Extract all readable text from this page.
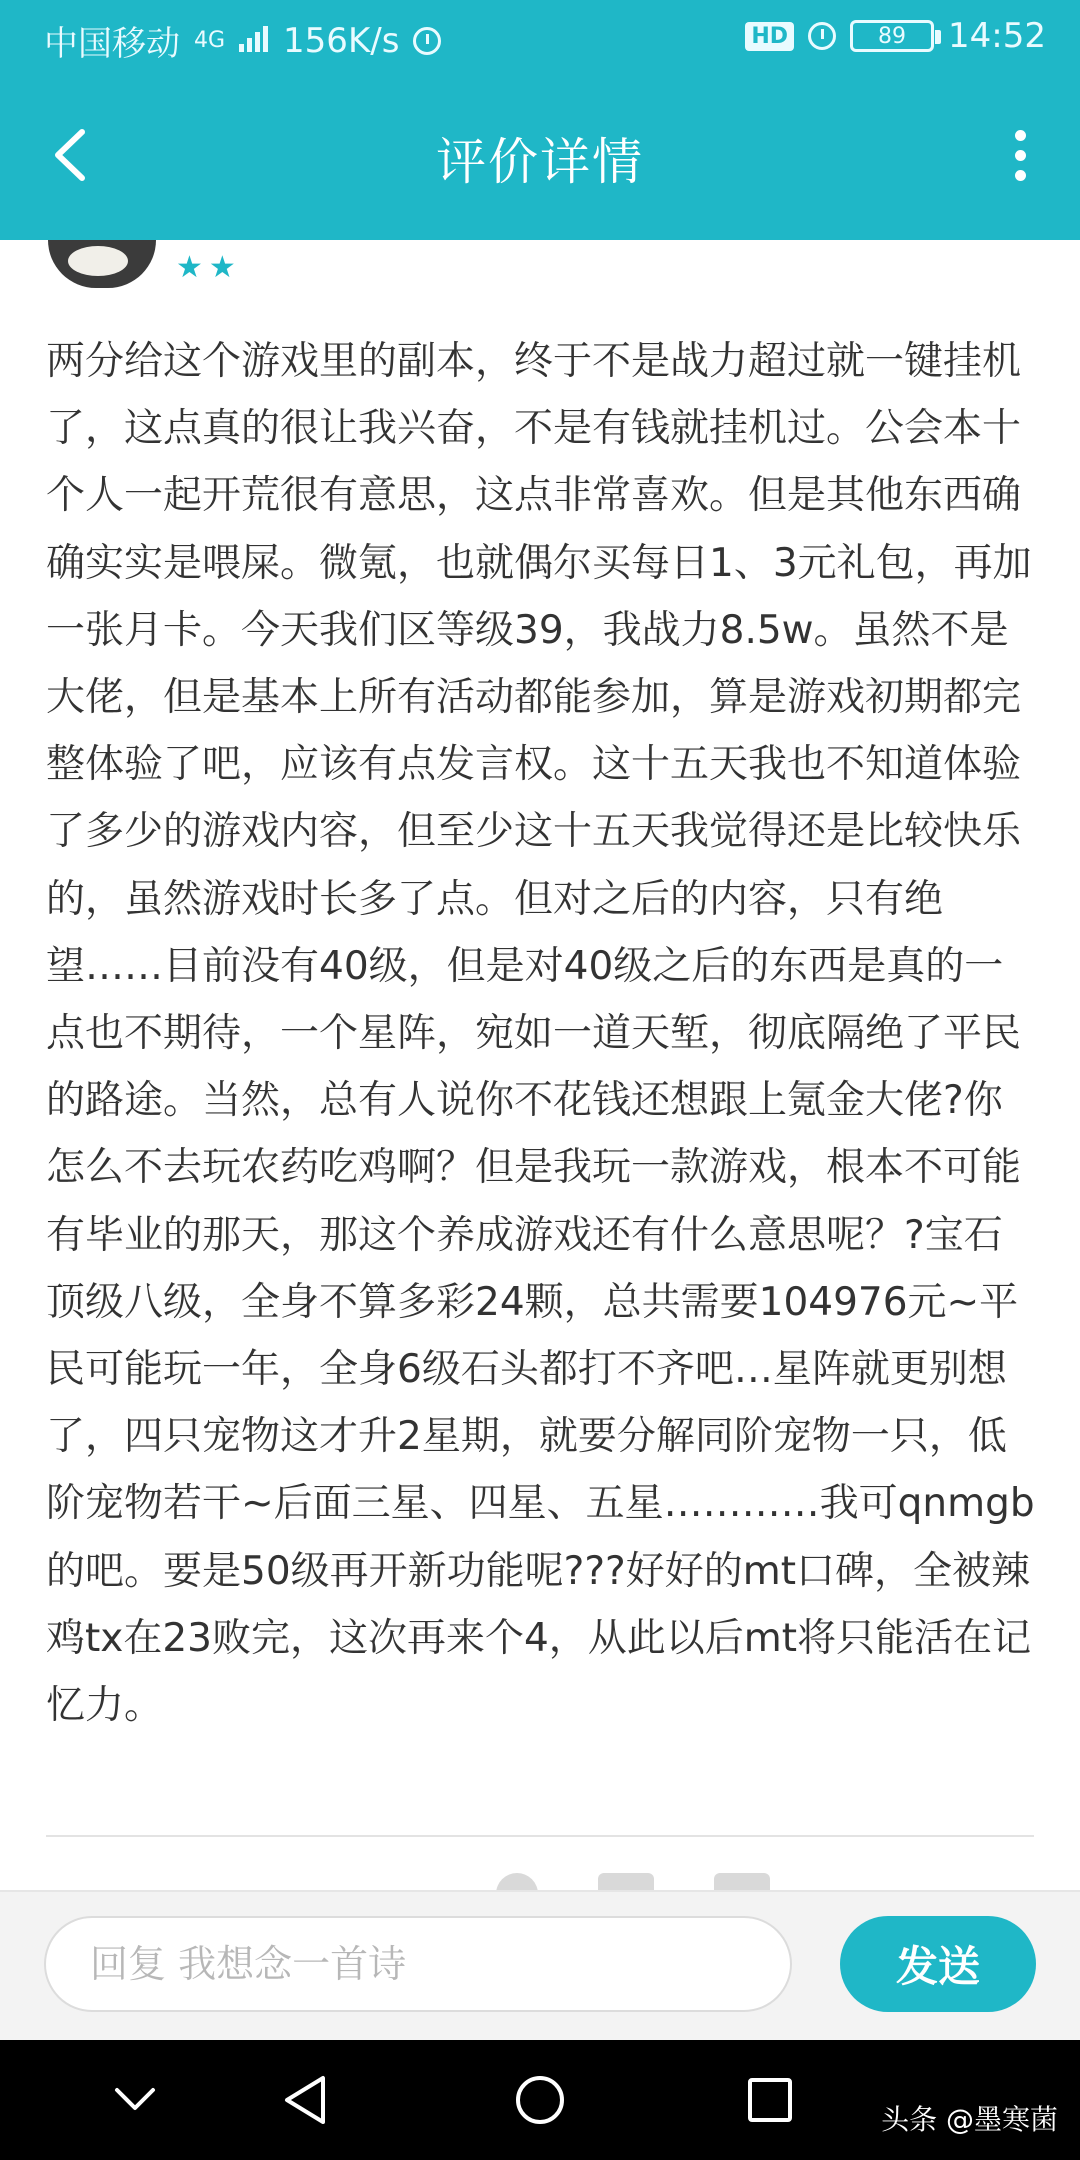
中国移动 4G 156K/s	HD	89 14:52
评价详情
★★

两分给这个游戏里的副本，终于不是战力超过就一键挂机了，这点真的很让我兴奋，不是有钱就挂机过。公会本十个人一起开荒很有意思，这点非常喜欢。但是其他东西确确实实是喂屎。微氪，也就偶尔买每日1、3元礼包，再加一张月卡。今天我们区等级39，我战力8.5w。虽然不是大佬，但是基本上所有活动都能参加，算是游戏初期都完整体验了吧，应该有点发言权。这十五天我也不知道体验了多少的游戏内容，但至少这十五天我觉得还是比较快乐的，虽然游戏时长多了点。但对之后的内容，只有绝望……目前没有40级，但是对40级之后的东西是真的一点也不期待，一个星阵，宛如一道天堑，彻底隔绝了平民的路途。当然，总有人说你不花钱还想跟上氪金大佬?你怎么不去玩农药吃鸡啊？但是我玩一款游戏，根本不可能有毕业的那天，那这个养成游戏还有什么意思呢？?宝石顶级八级，全身不算多彩24颗，总共需要104976元~平民可能玩一年，全身6级石头都打不齐吧…星阵就更别想了，四只宠物这才升2星期，就要分解同阶宠物一只，低阶宠物若干~后面三星、四星、五星…………我可qnmgb的吧。要是50级再开新功能呢???好好的mt口碑，全被辣鸡tx在23败完，这次再来个4，从此以后mt将只能活在记忆力。

回复 我想念一首诗
发送
头条 @墨寒菌
